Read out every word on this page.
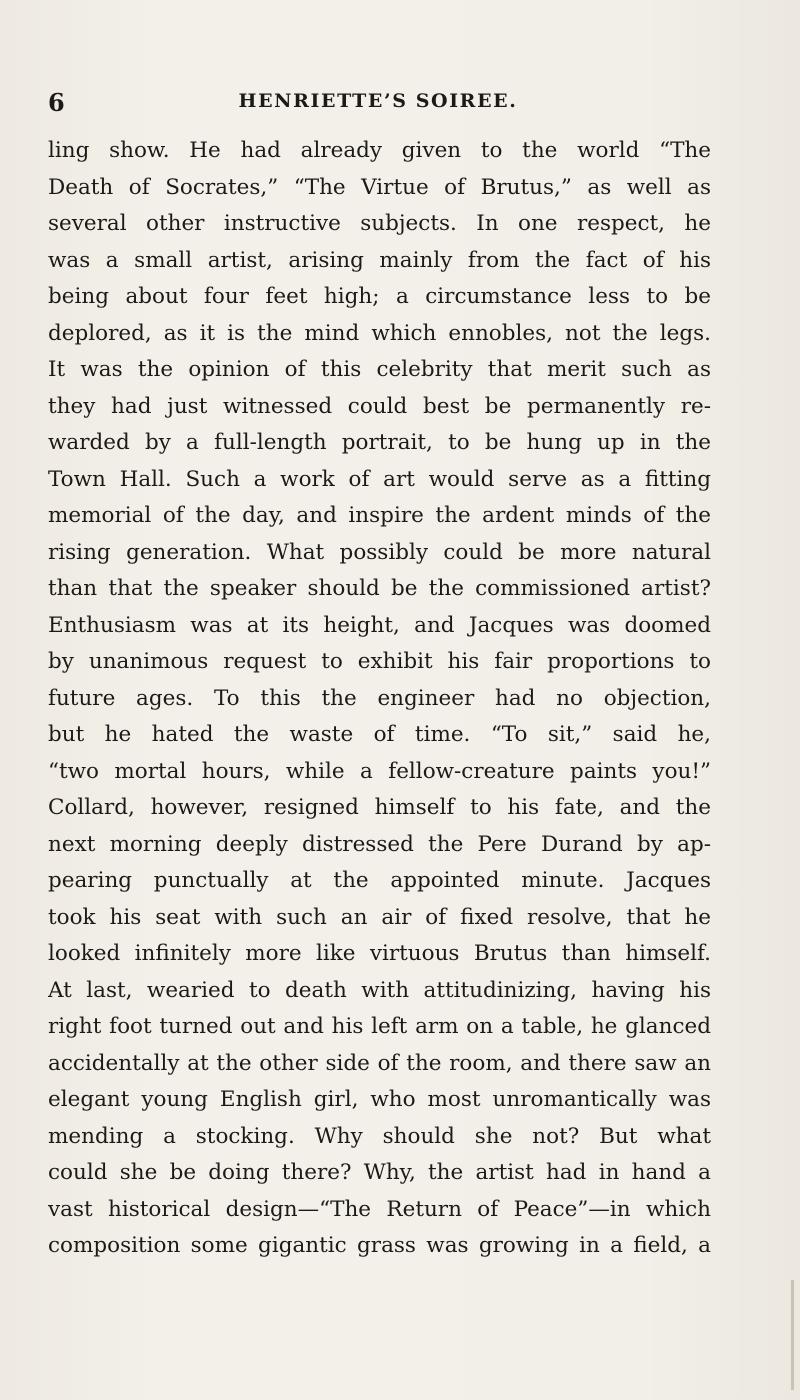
6	HENRIETTE’S SOIREE.
ling show. He had already given to the world “The
Death of Socrates,” “The Virtue of Brutus,” as well as
several other instructive subjects. In one respect, he
was a small artist, arising mainly from the fact of his
being about four feet high; a circumstance less to be
deplored, as it is the mind which ennobles, not the legs.
It was the opinion of this celebrity that merit such as
they had just witnessed could best be permanently re-
warded by a full-length portrait, to be hung up in the
Town Hall. Such a work of art would serve as a fitting
memorial of the day, and inspire the ardent minds of the
rising generation. What possibly could be more natural
than that the speaker should be the commissioned artist?
Enthusiasm was at its height, and Jacques was doomed
by unanimous request to exhibit his fair proportions to
future ages. To this the engineer had no objection,
but he hated the waste of time. “To sit,” said he,
“two mortal hours, while a fellow-creature paints you!”
Collard, however, resigned himself to his fate, and the
next morning deeply distressed the Pere Durand by ap-
pearing punctually at the appointed minute. Jacques
took his seat with such an air of fixed resolve, that he
looked infinitely more like virtuous Brutus than himself.
At last, wearied to death with attitudinizing, having his
right foot turned out and his left arm on a table, he glanced
accidentally at the other side of the room, and there saw an
elegant young English girl, who most unromantically was
mending a stocking. Why should she not? But what
could she be doing there? Why, the artist had in hand a
vast historical design—“The Return of Peace”—in which
composition some gigantic grass was growing in a field, a
